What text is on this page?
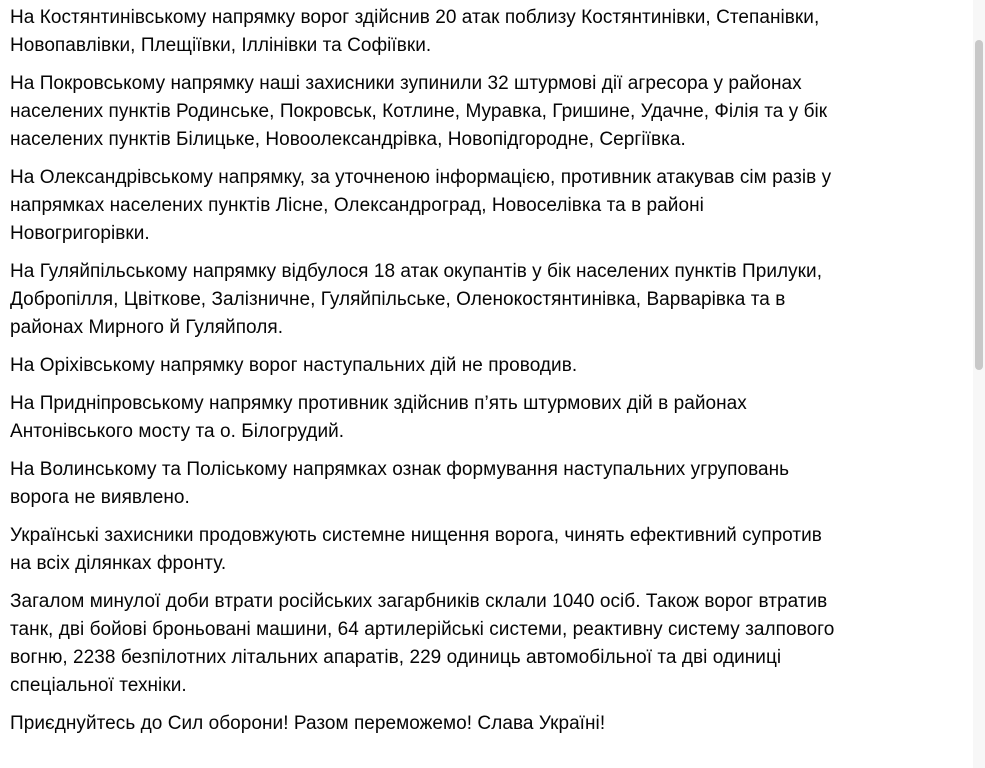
На Костянтинівському напрямку ворог здійснив 20 атак поблизу Костянтинівки, Степанівки,
Новопавлівки, Плещіївки, Іллінівки та Софіївки.

На Покровському напрямку наші захисники зупинили 32 штурмові дії агресора у районах
населених пунктів Родинське, Покровськ, Котлине, Муравка, Гришине, Удачне, Філія та у бік
населених пунктів Білицьке, Новоолександрівка, Новопідгородне, Сергіївка.

На Олександрівському напрямку, за уточненою інформацією, противник атакував сім разів у
напрямках населених пунктів Лісне, Олександроград, Новоселівка та в районі
Новогригорівки.

На Гуляйпільському напрямку відбулося 18 атак окупантів у бік населених пунктів Прилуки,
Добропілля, Цвіткове, Залізничне, Гуляйпільське, Оленокостянтинівка, Варварівка та в
районах Мирного й Гуляйполя.

На Оріхівському напрямку ворог наступальних дій не проводив.

На Придніпровському напрямку противник здійснив п’ять штурмових дій в районах
Антонівського мосту та о. Білогрудий.

На Волинському та Поліському напрямках ознак формування наступальних угруповань
ворога не виявлено.

Українські захисники продовжують системне нищення ворога, чинять ефективний супротив
на всіх ділянках фронту.

Загалом минулої доби втрати російських загарбників склали 1040 осіб. Також ворог втратив
танк, дві бойові броньовані машини, 64 артилерійські системи, реактивну систему залпового
вогню, 2238 безпілотних літальних апаратів, 229 одиниць автомобільної та дві одиниці
спеціальної техніки.

Приєднуйтесь до Сил оборони! Разом переможемо! Слава Україні!
